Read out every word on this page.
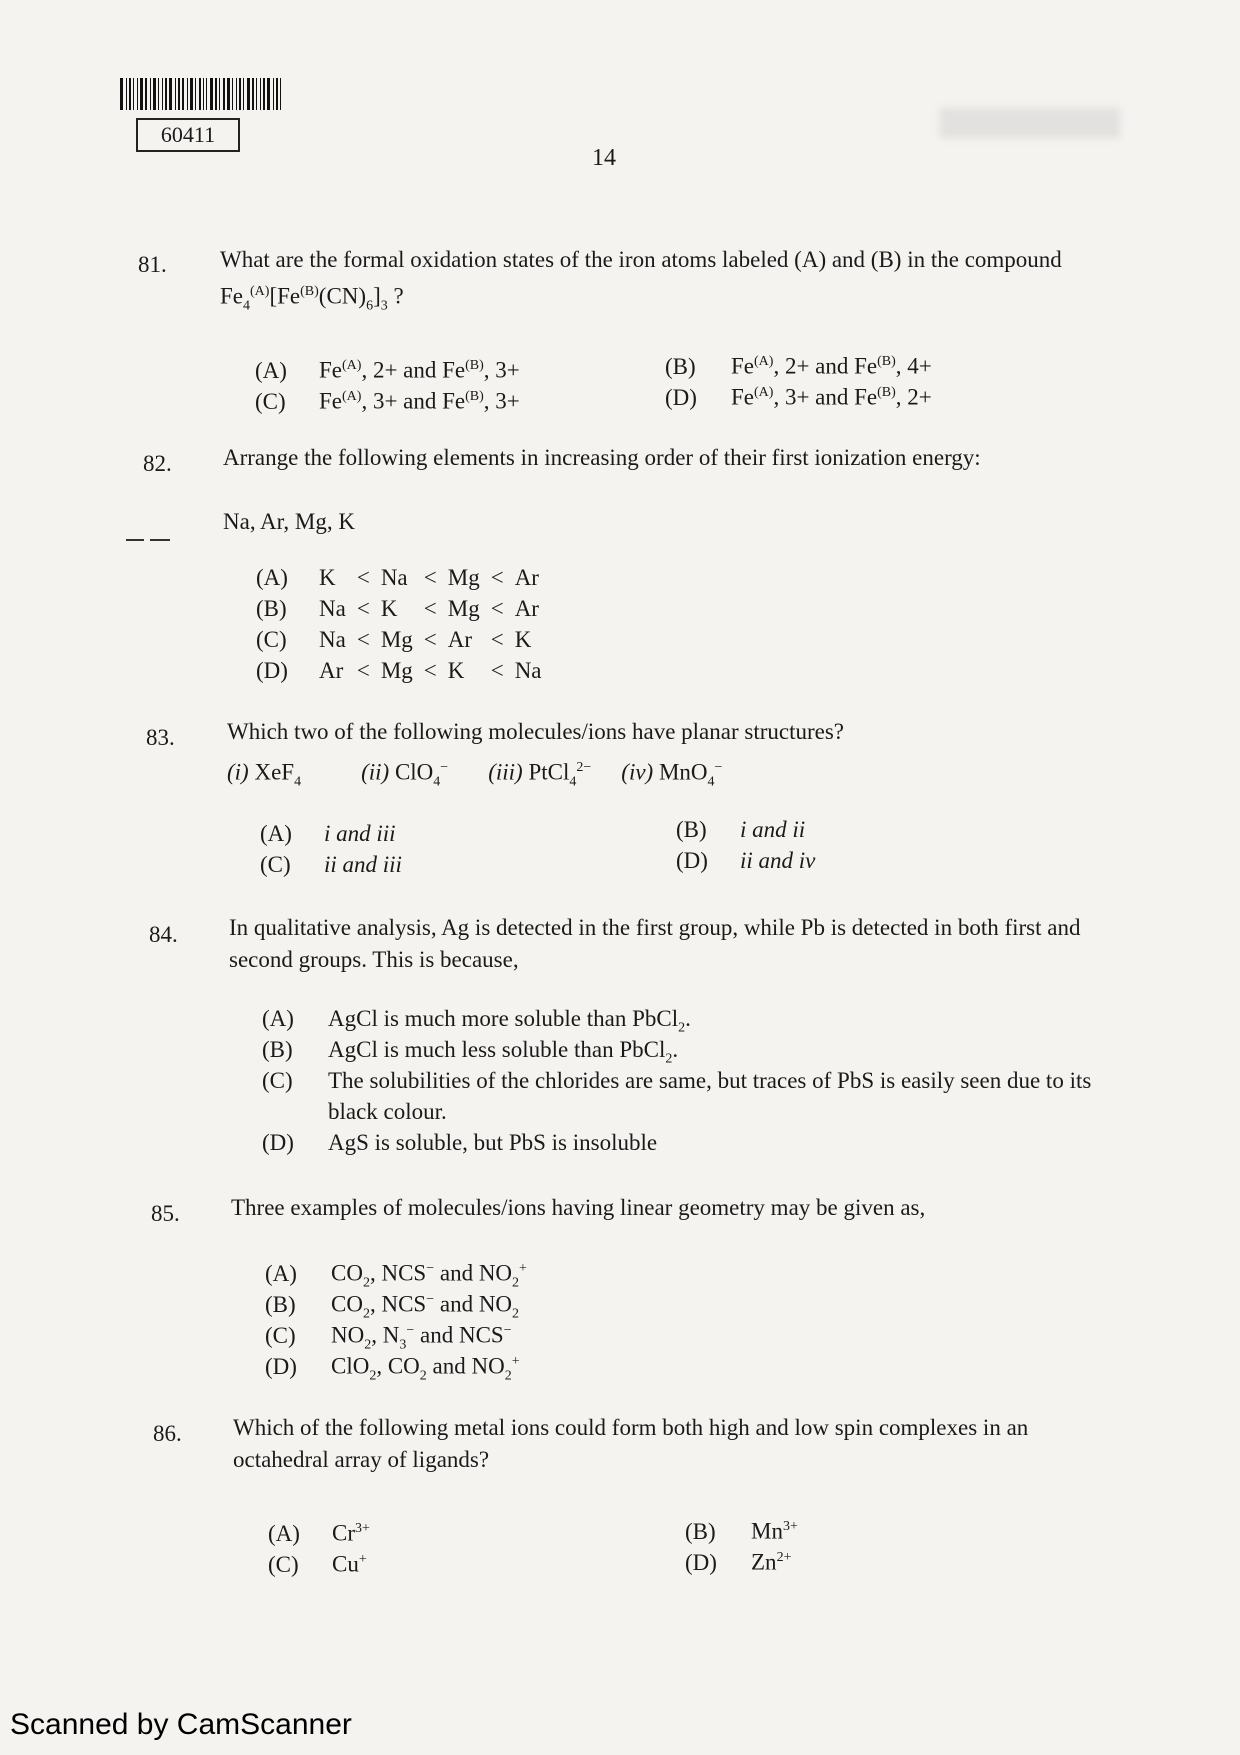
60411
14
81. What are the formal oxidation states of the iron atoms labeled (A) and (B) in the compound $Fe_4^{(A)}[Fe^{(B)}(CN)_6]_3$ ?
(A) $Fe^{(A)}$, 2+ and $Fe^{(B)}$, 3+	(B) $Fe^{(A)}$, 2+ and $Fe^{(B)}$, 4+
(C) $Fe^{(A)}$, 3+ and $Fe^{(B)}$, 3+	(D) $Fe^{(A)}$, 3+ and $Fe^{(B)}$, 2+
82. Arrange the following elements in increasing order of their first ionization energy:
Na, Ar, Mg, K
(A)	K	<	Na	<	Mg	<	Ar
(B)	Na	<	K	<	Mg	<	Ar
(C)	Na	<	Mg	<	Ar	<	K
(D)	Ar	<	Mg	<	K	<	Na
83. Which two of the following molecules/ions have planar structures?
(i) XeF$_4$	(ii) ClO$_4$− (iii) PtCl$_4^{2-}$ (iv) MnO$_4$−
(A) i and iii	(B) i and ii
(C) ii and iii	(D) ii and iv
84. In qualitative analysis, Ag is detected in the first group, while Pb is detected in both first and second groups. This is because,
(A) AgCl is much more soluble than PbCl$_2$.
(B) AgCl is much less soluble than PbCl$_2$.
(C)	The solubilities of the chlorides are same, but traces of PbS is easily seen due to its black colour.
(D) AgS is soluble, but PbS is insoluble
85. Three examples of molecules/ions having linear geometry may be given as,
(A) $CO_2$, NCS− and $NO_2^+$
(B) $CO_2$, NCS− and $NO_2$
(C) $NO_2$, $N_3^-$ and NCS−
(D) ClO$_2$, $CO_2$ and $NO_2^+$
86. Which of the following metal ions could form both high and low spin complexes in an octahedral array of ligands?
(A) $Cr^{3+}$	(B) $Mn^{3+}$
(C) Cu+	(D) $Zn^{2+}$
Scanned by CamScanner
